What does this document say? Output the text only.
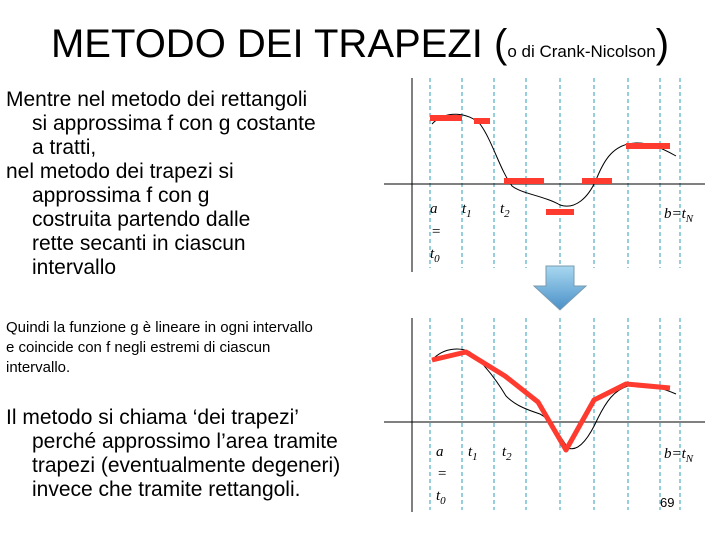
METODO DEI TRAPEZI (o di Crank-Nicolson)
Mentre nel metodo dei rettangoli
si approssima f con g costante
a tratti,
nel metodo dei trapezi si
approssima f con g
costruita partendo dalle
rette secanti in ciascun
intervallo
Quindi la funzione g è lineare in ogni intervallo
e coincide con f negli estremi di ciascun
intervallo.
Il metodo si chiama ‘dei trapezi’
perché approssimo l’area tramite
trapezi (eventualmente degeneri)
invece che tramite rettangoli.
a
=
$t_0$
$t_1$ $t_2$	$b=t_N$
a
=
$t_0$
$t_1$ $t_2$	$b=t_N$
69
